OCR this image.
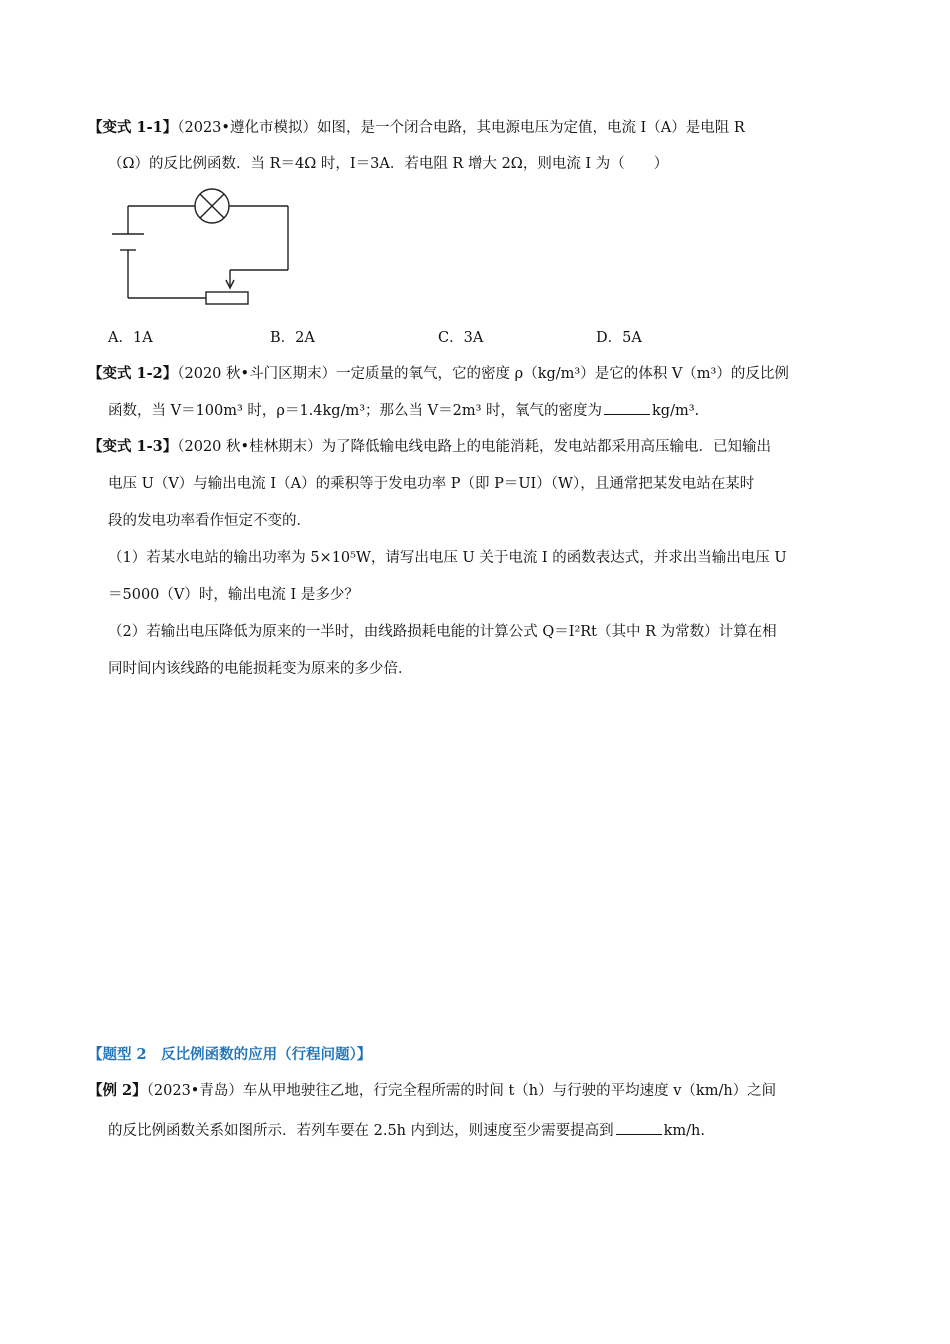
【变式 1-1】（2023•遵化市模拟）如图，是一个闭合电路，其电源电压为定值，电流 I（A）是电阻 R
（Ω）的反比例函数．当 R＝4Ω 时，I＝3A．若电阻 R 增大 2Ω，则电流 I 为（　　）
A．1A	B．2A	C．3A	D．5A
【变式 1-2】（2020 秋•斗门区期末）一定质量的氧气，它的密度 ρ（kg/m³）是它的体积 V（m³）的反比例
函数，当 V＝100m³ 时，ρ＝1.4kg/m³；那么当 V＝2m³ 时，氧气的密度为	kg/m³.
【变式 1-3】（2020 秋•桂林期末）为了降低输电线电路上的电能消耗，发电站都采用高压输电．已知输出
电压 U（V）与输出电流 I（A）的乘积等于发电功率 P（即 P＝UI）（W），且通常把某发电站在某时
段的发电功率看作恒定不变的．
（1）若某水电站的输出功率为 5×10⁵W，请写出电压 U 关于电流 I 的函数表达式，并求出当输出电压 U
＝5000（V）时，输出电流 I 是多少？
（2）若输出电压降低为原来的一半时，由线路损耗电能的计算公式 Q＝I²Rt（其中 R 为常数）计算在相
同时间内该线路的电能损耗变为原来的多少倍．
【题型 2　反比例函数的应用（行程问题）】
【例 2】（2023•青岛）车从甲地驶往乙地，行完全程所需的时间 t（h）与行驶的平均速度 v（km/h）之间
的反比例函数关系如图所示．若列车要在 2.5h 内到达，则速度至少需要提高到	km/h.
